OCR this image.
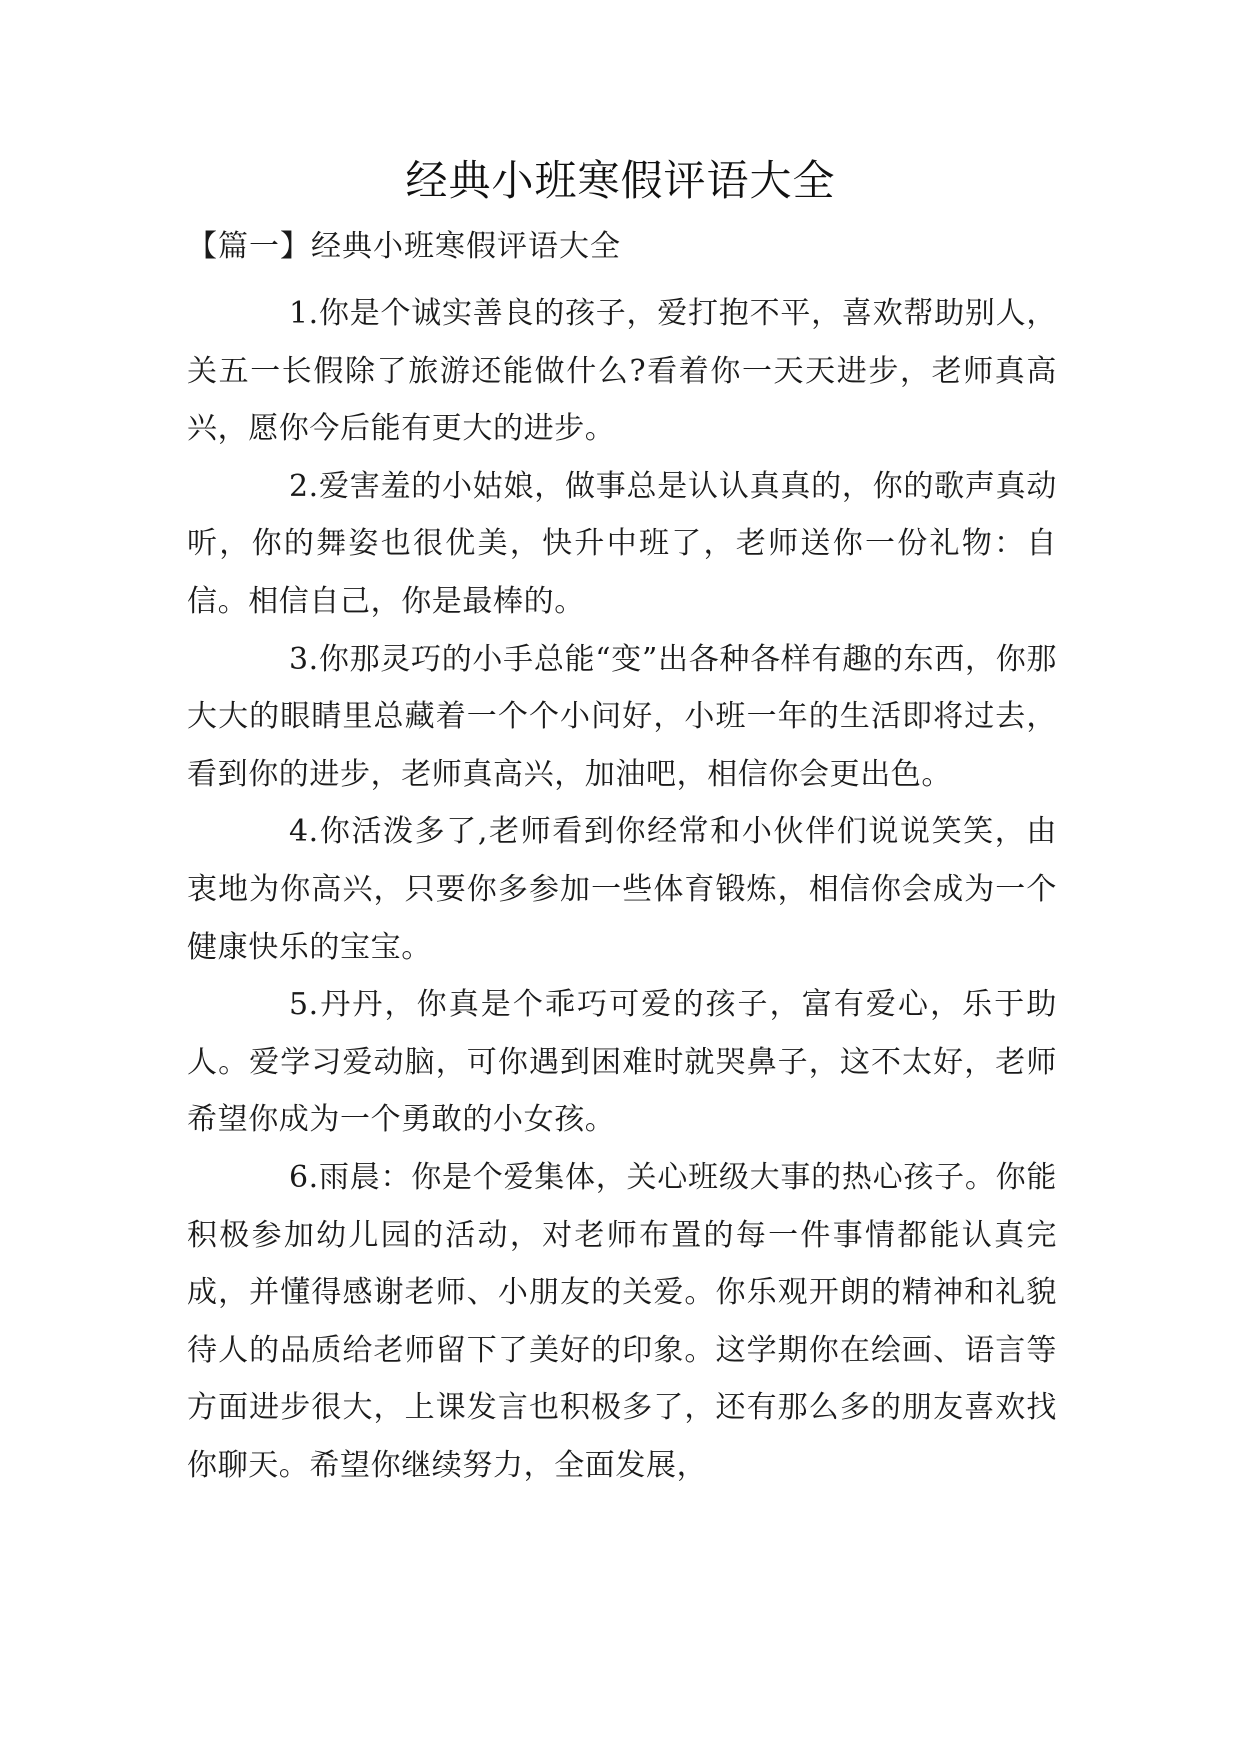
经典小班寒假评语大全
【篇一】经典小班寒假评语大全

1.你是个诚实善良的孩子，爱打抱不平，喜欢帮助别人，关五一长假除了旅游还能做什么?看着你一天天进步，老师真高兴，愿你今后能有更大的进步。

2.爱害羞的小姑娘，做事总是认认真真的，你的歌声真动听，你的舞姿也很优美，快升中班了，老师送你一份礼物：自信。相信自己，你是最棒的。

3.你那灵巧的小手总能“变”出各种各样有趣的东西，你那大大的眼睛里总藏着一个个小问好，小班一年的生活即将过去，看到你的进步，老师真高兴，加油吧，相信你会更出色。

4.你活泼多了,老师看到你经常和小伙伴们说说笑笑，由衷地为你高兴，只要你多参加一些体育锻炼，相信你会成为一个健康快乐的宝宝。

5.丹丹，你真是个乖巧可爱的孩子，富有爱心，乐于助人。爱学习爱动脑，可你遇到困难时就哭鼻子，这不太好，老师希望你成为一个勇敢的小女孩。

6.雨晨：你是个爱集体，关心班级大事的热心孩子。你能积极参加幼儿园的活动，对老师布置的每一件事情都能认真完成，并懂得感谢老师、小朋友的关爱。你乐观开朗的精神和礼貌待人的品质给老师留下了美好的印象。这学期你在绘画、语言等方面进步很大，上课发言也积极多了，还有那么多的朋友喜欢找你聊天。希望你继续努力，全面发展，
